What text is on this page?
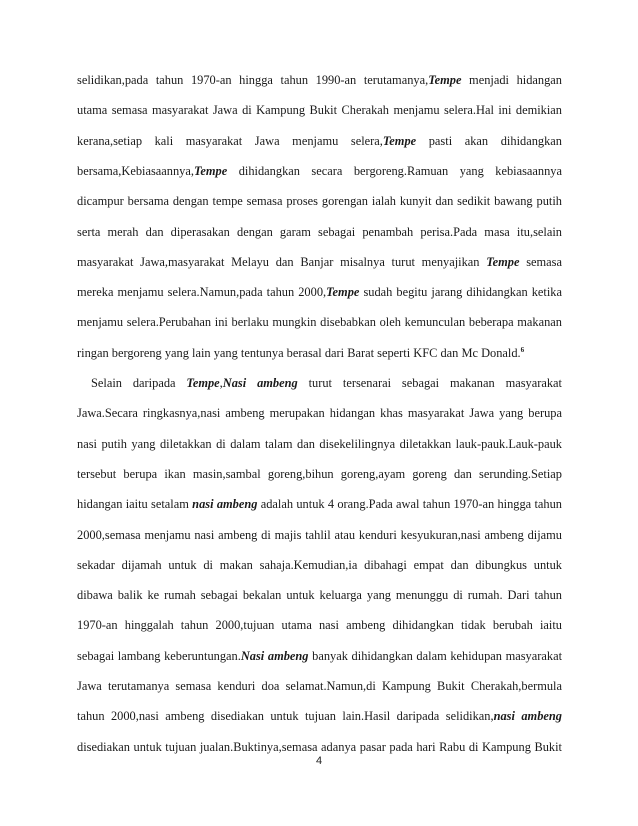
selidikan,pada tahun 1970-an hingga tahun 1990-an terutamanya,Tempe menjadi hidangan
utama semasa masyarakat Jawa di Kampung Bukit Cherakah menjamu selera.Hal ini demikian
kerana,setiap kali masyarakat Jawa menjamu selera,Tempe pasti akan dihidangkan
bersama,Kebiasaannya,Tempe dihidangkan secara bergoreng.Ramuan yang kebiasaannya
dicampur bersama dengan tempe semasa proses gorengan ialah kunyit dan sedikit bawang putih
serta merah dan diperasakan dengan garam sebagai penambah perisa.Pada masa itu,selain
masyarakat Jawa,masyarakat Melayu dan Banjar misalnya turut menyajikan Tempe semasa
mereka menjamu selera.Namun,pada tahun 2000,Tempe sudah begitu jarang dihidangkan ketika
menjamu selera.Perubahan ini berlaku mungkin disebabkan oleh kemunculan beberapa makanan
ringan bergoreng yang lain yang tentunya berasal dari Barat seperti KFC dan Mc Donald.$^6$
Selain daripada Tempe,Nasi ambeng turut tersenarai sebagai makanan masyarakat
Jawa.Secara ringkasnya,nasi ambeng merupakan hidangan khas masyarakat Jawa yang berupa
nasi putih yang diletakkan di dalam talam dan disekelilingnya diletakkan lauk-pauk.Lauk-pauk
tersebut berupa ikan masin,sambal goreng,bihun goreng,ayam goreng dan serunding.Setiap
hidangan iaitu setalam nasi ambeng adalah untuk 4 orang.Pada awal tahun 1970-an hingga tahun
2000,semasa menjamu nasi ambeng di majis tahlil atau kenduri kesyukuran,nasi ambeng dijamu
sekadar dijamah untuk di makan sahaja.Kemudian,ia dibahagi empat dan dibungkus untuk
dibawa balik ke rumah sebagai bekalan untuk keluarga yang menunggu di rumah. Dari tahun
1970-an hinggalah tahun 2000,tujuan utama nasi ambeng dihidangkan tidak berubah iaitu
sebagai lambang keberuntungan.Nasi ambeng banyak dihidangkan dalam kehidupan masyarakat
Jawa terutamanya semasa kenduri doa selamat.Namun,di Kampung Bukit Cherakah,bermula
tahun 2000,nasi ambeng disediakan untuk tujuan lain.Hasil daripada selidikan,nasi ambeng
disediakan untuk tujuan jualan.Buktinya,semasa adanya pasar pada hari Rabu di Kampung Bukit
4
